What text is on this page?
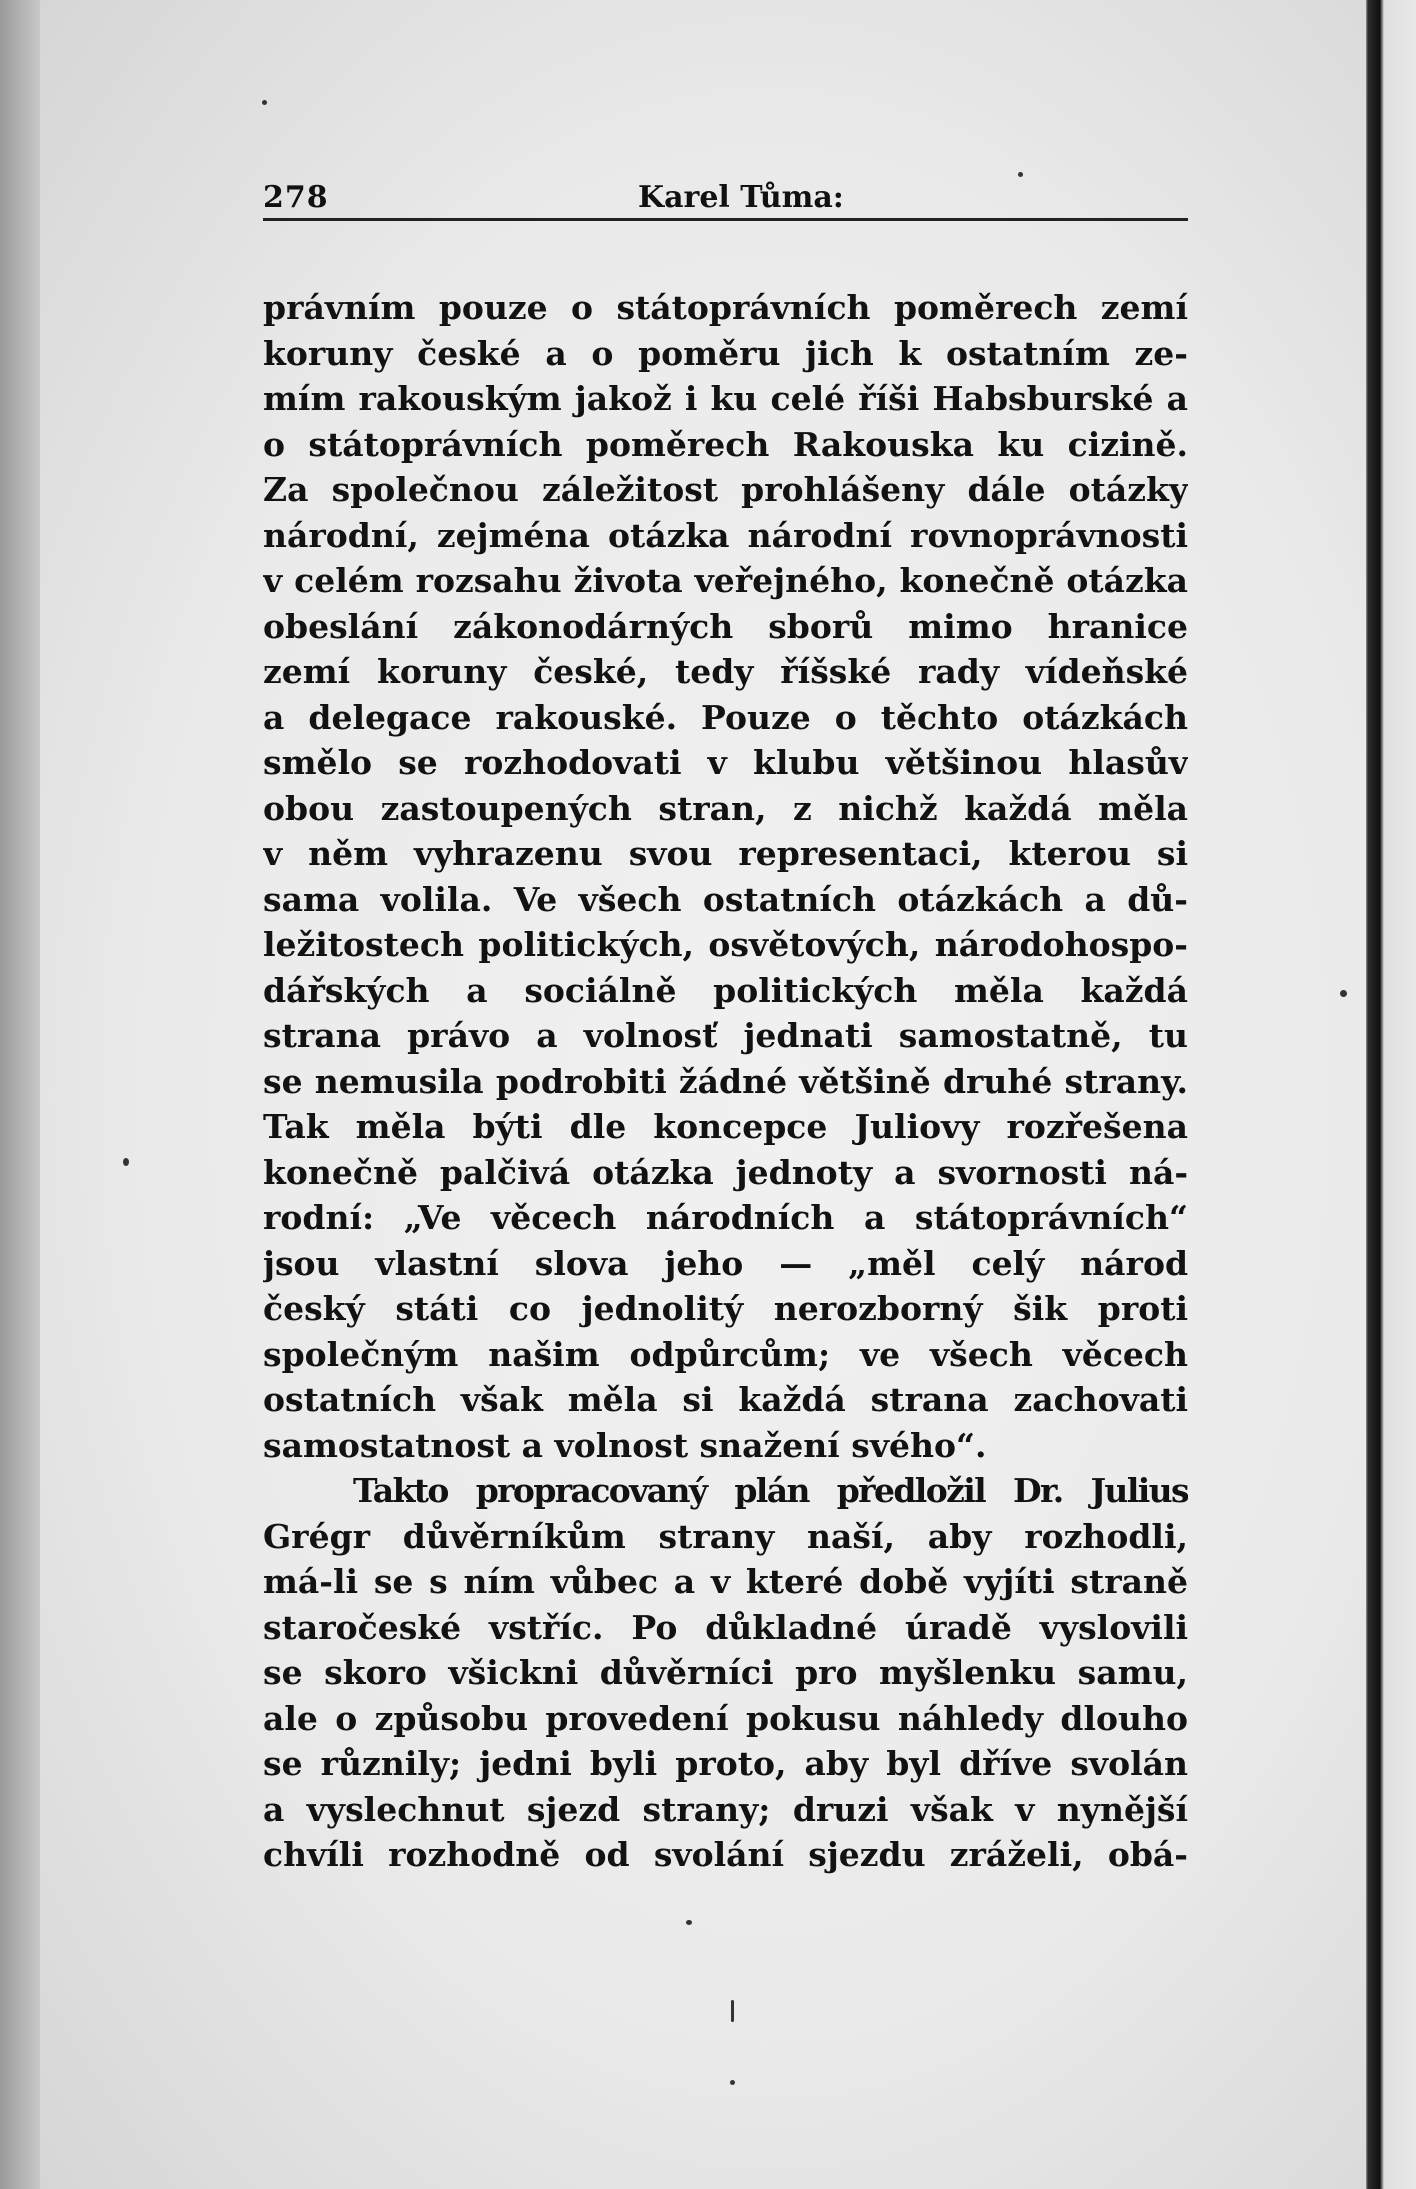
278	Karel Tůma:
právním pouze o státoprávních poměrech zemí
koruny české a o poměru jich k ostatním ze-
mím rakouským jakož i ku celé říši Habsburské a
o státoprávních poměrech Rakouska ku cizině.
Za společnou záležitost prohlášeny dále otázky
národní, zejména otázka národní rovnoprávnosti
v celém rozsahu života veřejného, konečně otázka
obeslání zákonodárných sborů mimo hranice
zemí koruny české, tedy říšské rady vídeňské
a delegace rakouské. Pouze o těchto otázkách
smělo se rozhodovati v klubu většinou hlasův
obou zastoupených stran, z nichž každá měla
v něm vyhrazenu svou representaci, kterou si
sama volila. Ve všech ostatních otázkách a dů-
ležitostech politických, osvětových, národohospo-
dářských a sociálně politických měla každá
strana právo a volnosť jednati samostatně, tu
se nemusila podrobiti žádné většině druhé strany.
Tak měla býti dle koncepce Juliovy rozřešena
konečně palčivá otázka jednoty a svornosti ná-
rodní: „Ve věcech národních a státoprávních“
jsou vlastní slova jeho — „měl celý národ
český státi co jednolitý nerozborný šik proti
společným našim odpůrcům; ve všech věcech
ostatních však měla si každá strana zachovati
samostatnost a volnost snažení svého“.
Takto propracovaný plán předložil Dr. Julius
Grégr důvěrníkům strany naší, aby rozhodli,
má-li se s ním vůbec a v které době vyjíti straně
staročeské vstříc. Po důkladné úradě vyslovili
se skoro všickni důvěrníci pro myšlenku samu,
ale o způsobu provedení pokusu náhledy dlouho
se různily; jedni byli proto, aby byl dříve svolán
a vyslechnut sjezd strany; druzi však v nynější
chvíli rozhodně od svolání sjezdu zráželi, obá-
